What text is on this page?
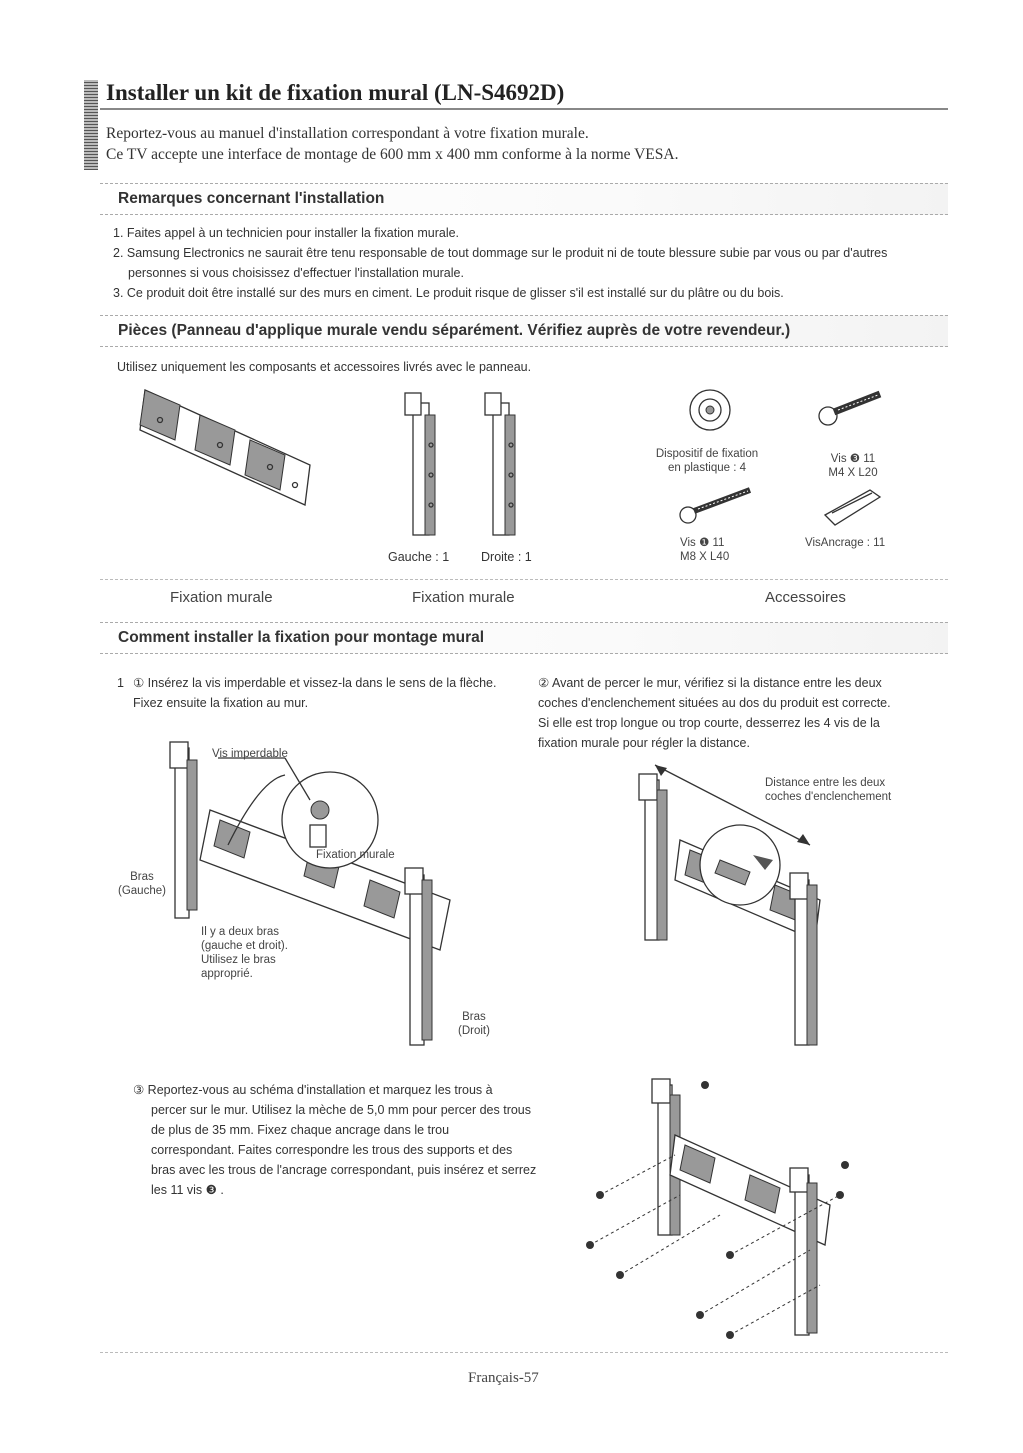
Installer un kit de fixation mural (LN-S4692D)
Reportez-vous au manuel d'installation correspondant à votre fixation murale.
Ce TV accepte une interface de montage de 600 mm x 400 mm conforme à la norme VESA.
Remarques concernant l'installation
1. Faites appel à un technicien pour installer la fixation murale.
2. Samsung Electronics ne saurait être tenu responsable de tout dommage sur le produit ni de toute blessure subie par vous ou par d'autres
personnes si vous choisissez d'effectuer l'installation murale.
3. Ce produit doit être installé sur des murs en ciment. Le produit risque de glisser s'il est installé sur du plâtre ou du bois.
Pièces (Panneau d'applique murale vendu séparément. Vérifiez auprès de votre revendeur.)
Utilisez uniquement les composants et accessoires livrés avec le panneau.
Gauche : 1	Droite : 1
Dispositif de fixation
en plastique : 4
Vis ❸ 11
M4 X L20
Vis ❶ 11
M8 X L40
VisAncrage : 11
Fixation murale	Fixation murale	Accessoires
Comment installer la fixation pour montage mural
1 ① Insérez la vis imperdable et vissez-la dans le sens de la flèche.
Fixez ensuite la fixation au mur.
② Avant de percer le mur, vérifiez si la distance entre les deux
coches d'enclenchement situées au dos du produit est correcte.
Si elle est trop longue ou trop courte, desserrez les 4 vis de la
fixation murale pour régler la distance.
Vis imperdable
Fixation murale
Bras
(Gauche)
Il y a deux bras
(gauche et droit).
Utilisez le bras
approprié.
Bras
(Droit)
Distance entre les deux
coches d'enclenchement
③ Reportez-vous au schéma d'installation et marquez les trous à
percer sur le mur. Utilisez la mèche de 5,0 mm pour percer des trous
de plus de 35 mm. Fixez chaque ancrage dans le trou
correspondant. Faites correspondre les trous des supports et des
bras avec les trous de l'ancrage correspondant, puis insérez et serrez
les 11 vis ❸ .
Français-57
